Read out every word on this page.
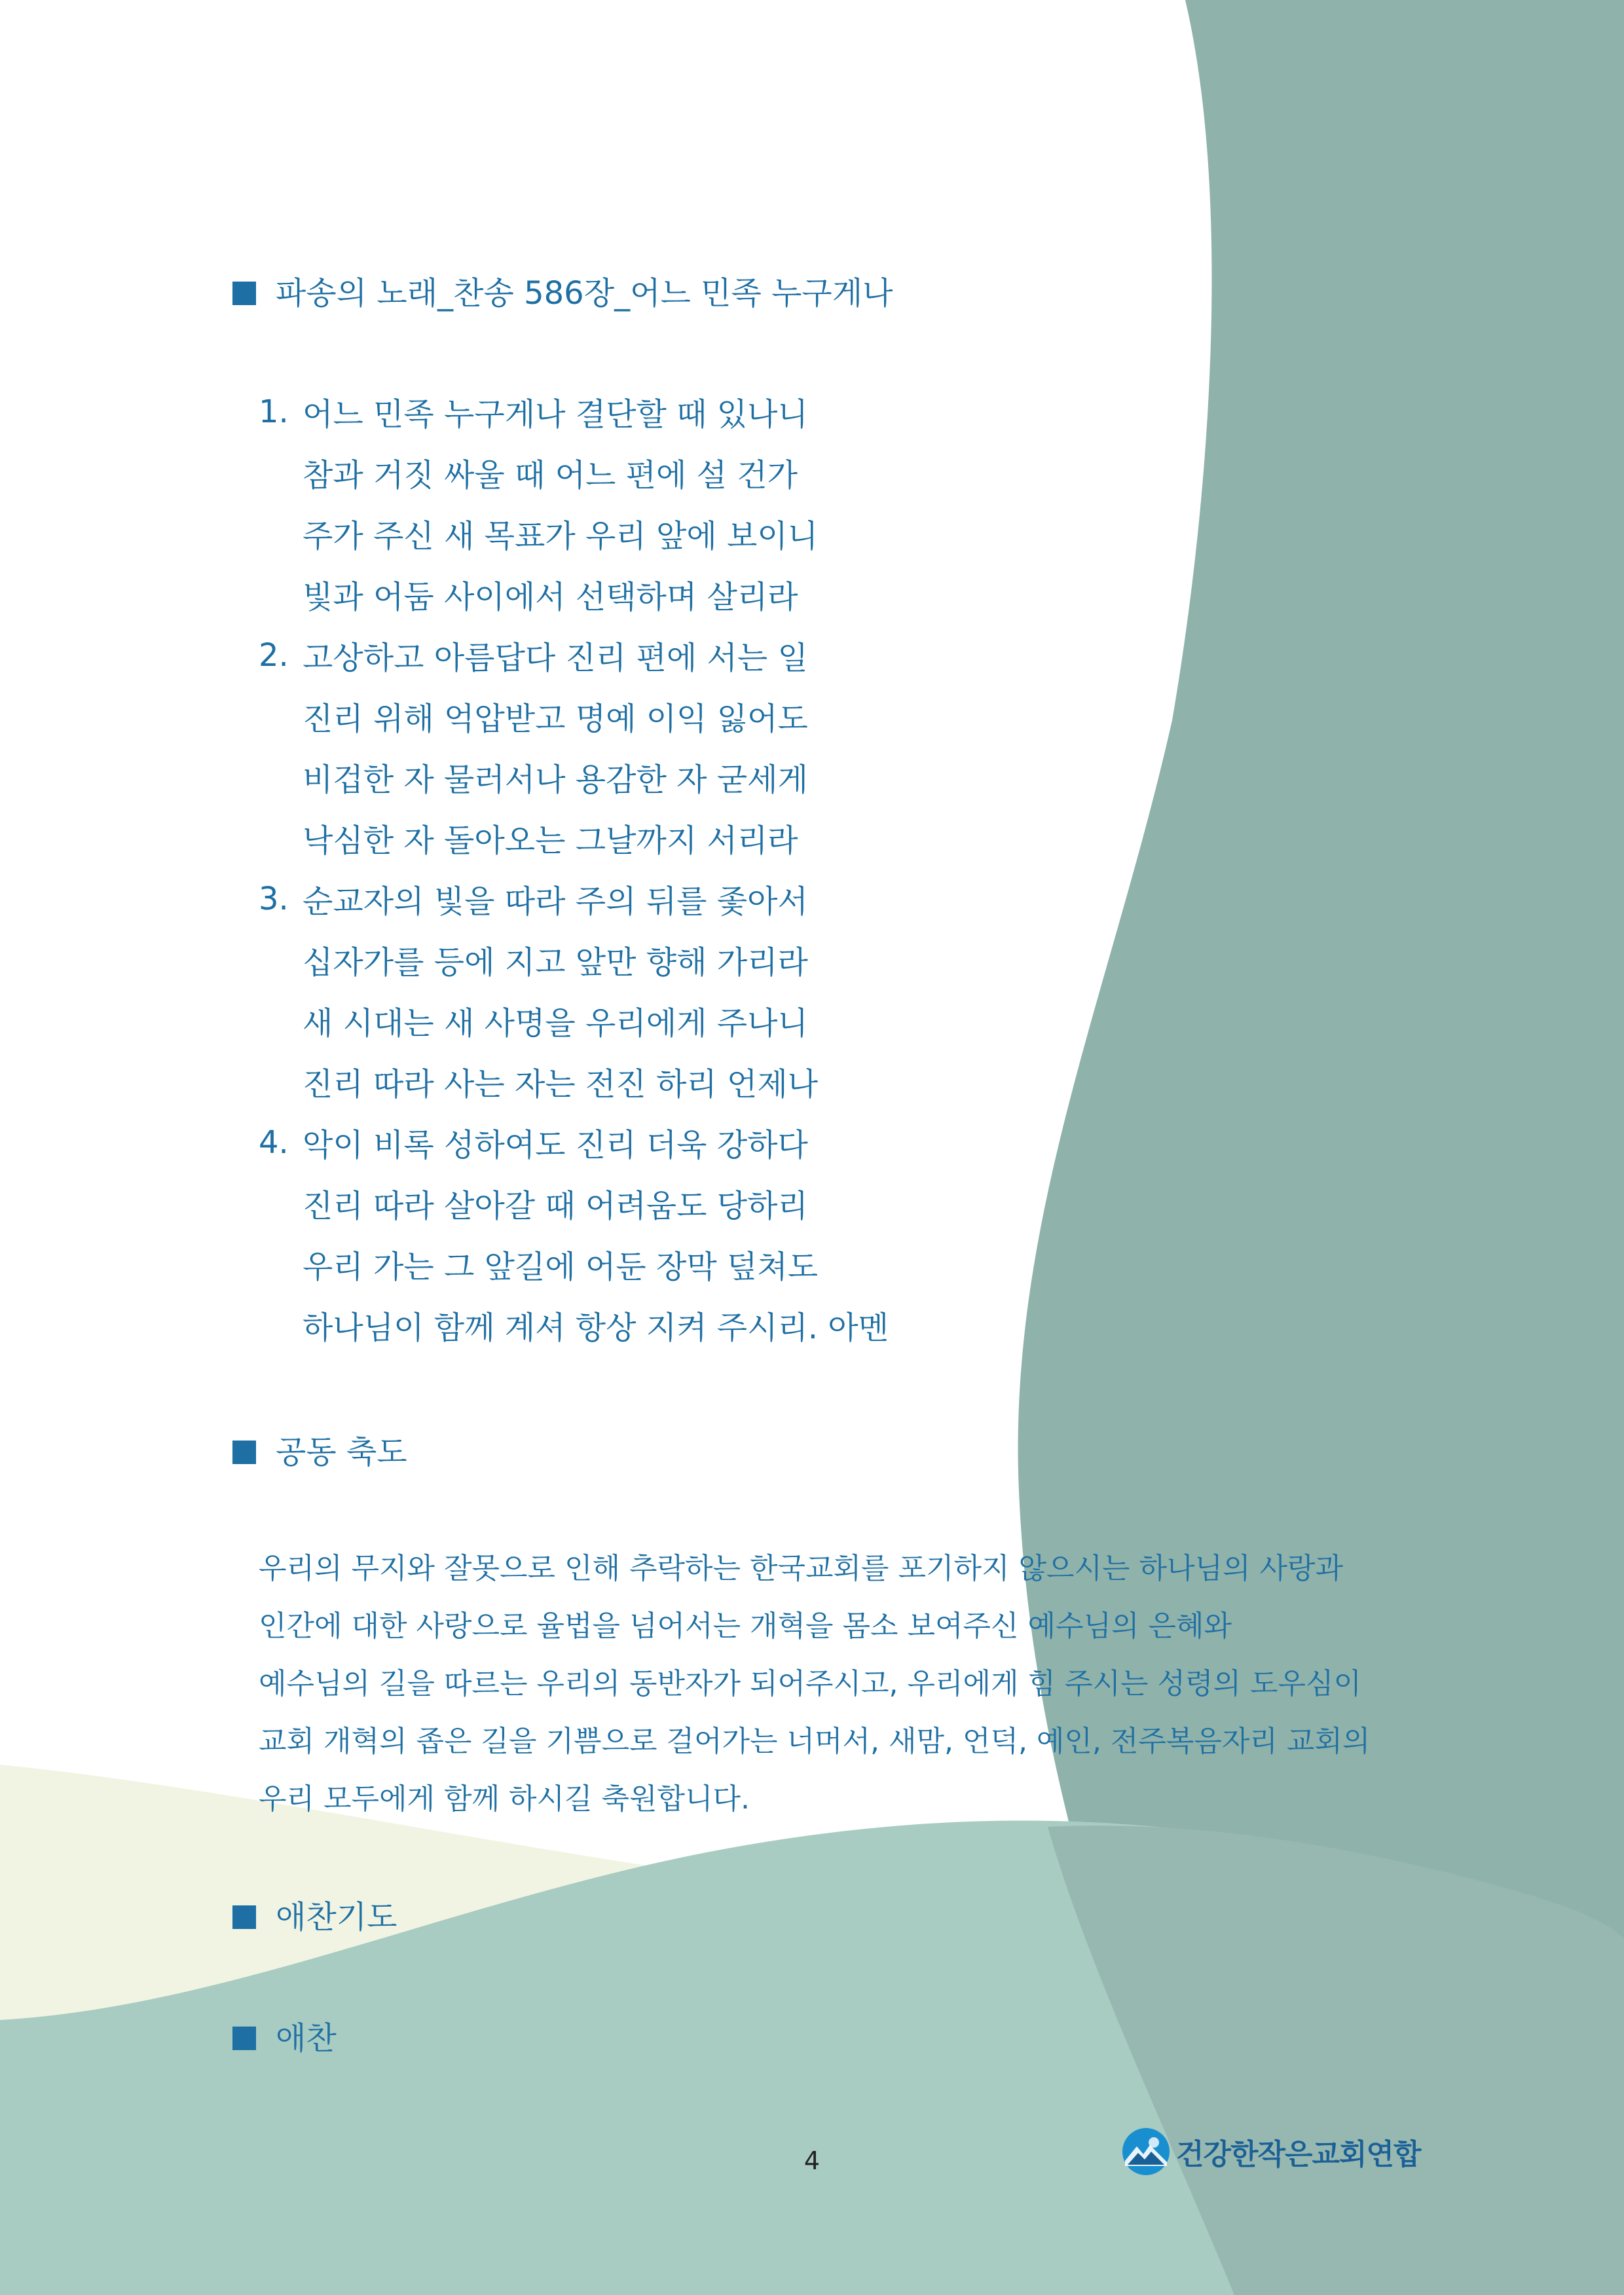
파송의 노래_찬송 586장_어느 민족 누구게나
1. 어느 민족 누구게나 결단할 때 있나니
참과 거짓 싸울 때 어느 편에 설 건가
주가 주신 새 목표가 우리 앞에 보이니
빛과 어둠 사이에서 선택하며 살리라
2. 고상하고 아름답다 진리 편에 서는 일
진리 위해 억압받고 명예 이익 잃어도
비겁한 자 물러서나 용감한 자 굳세게
낙심한 자 돌아오는 그날까지 서리라
3. 순교자의 빛을 따라 주의 뒤를 좇아서
십자가를 등에 지고 앞만 향해 가리라
새 시대는 새 사명을 우리에게 주나니
진리 따라 사는 자는 전진 하리 언제나
4. 악이 비록 성하여도 진리 더욱 강하다
진리 따라 살아갈 때 어려움도 당하리
우리 가는 그 앞길에 어둔 장막 덮쳐도
하나님이 함께 계셔 항상 지켜 주시리. 아멘
공동 축도
우리의 무지와 잘못으로 인해 추락하는 한국교회를 포기하지 않으시는 하나님의 사랑과
인간에 대한 사랑으로 율법을 넘어서는 개혁을 몸소 보여주신 예수님의 은혜와
예수님의 길을 따르는 우리의 동반자가 되어주시고, 우리에게 힘 주시는 성령의 도우심이
교회 개혁의 좁은 길을 기쁨으로 걸어가는 너머서, 새맘, 언덕, 예인, 전주복음자리 교회의
우리 모두에게 함께 하시길 축원합니다.
애찬기도
애찬
4	건강한작은교회연합
